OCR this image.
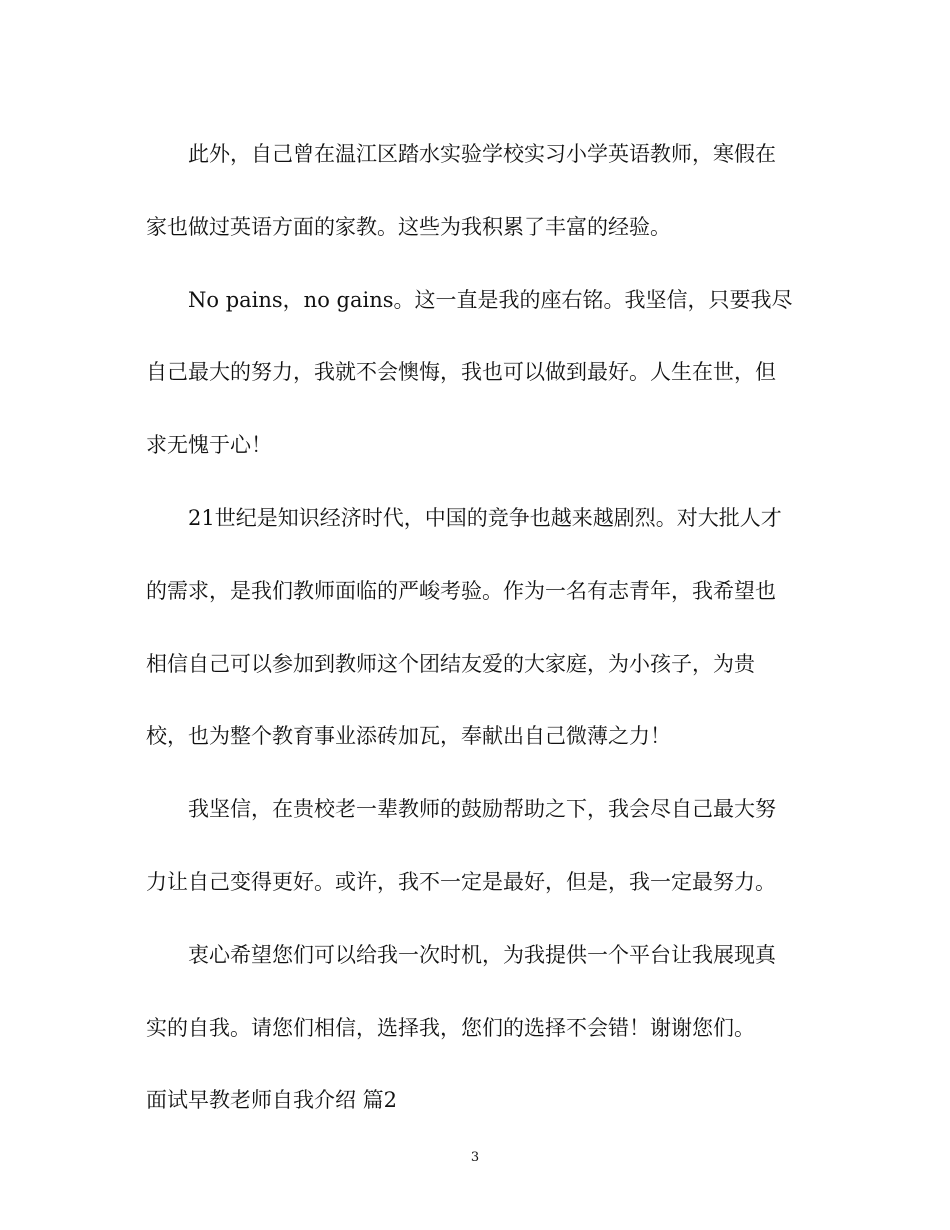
此外，自己曾在温江区踏水实验学校实习小学英语教师，寒假在
家也做过英语方面的家教。这些为我积累了丰富的经验。
No pains，no gains。这一直是我的座右铭。我坚信，只要我尽
自己最大的努力，我就不会懊悔，我也可以做到最好。人生在世，但
求无愧于心！
21世纪是知识经济时代，中国的竞争也越来越剧烈。对大批人才
的需求，是我们教师面临的严峻考验。作为一名有志青年，我希望也
相信自己可以参加到教师这个团结友爱的大家庭，为小孩子，为贵
校，也为整个教育事业添砖加瓦，奉献出自己微薄之力！
我坚信，在贵校老一辈教师的鼓励帮助之下，我会尽自己最大努
力让自己变得更好。或许，我不一定是最好，但是，我一定最努力。
衷心希望您们可以给我一次时机，为我提供一个平台让我展现真
实的自我。请您们相信，选择我，您们的选择不会错！谢谢您们。
面试早教老师自我介绍 篇2
3
